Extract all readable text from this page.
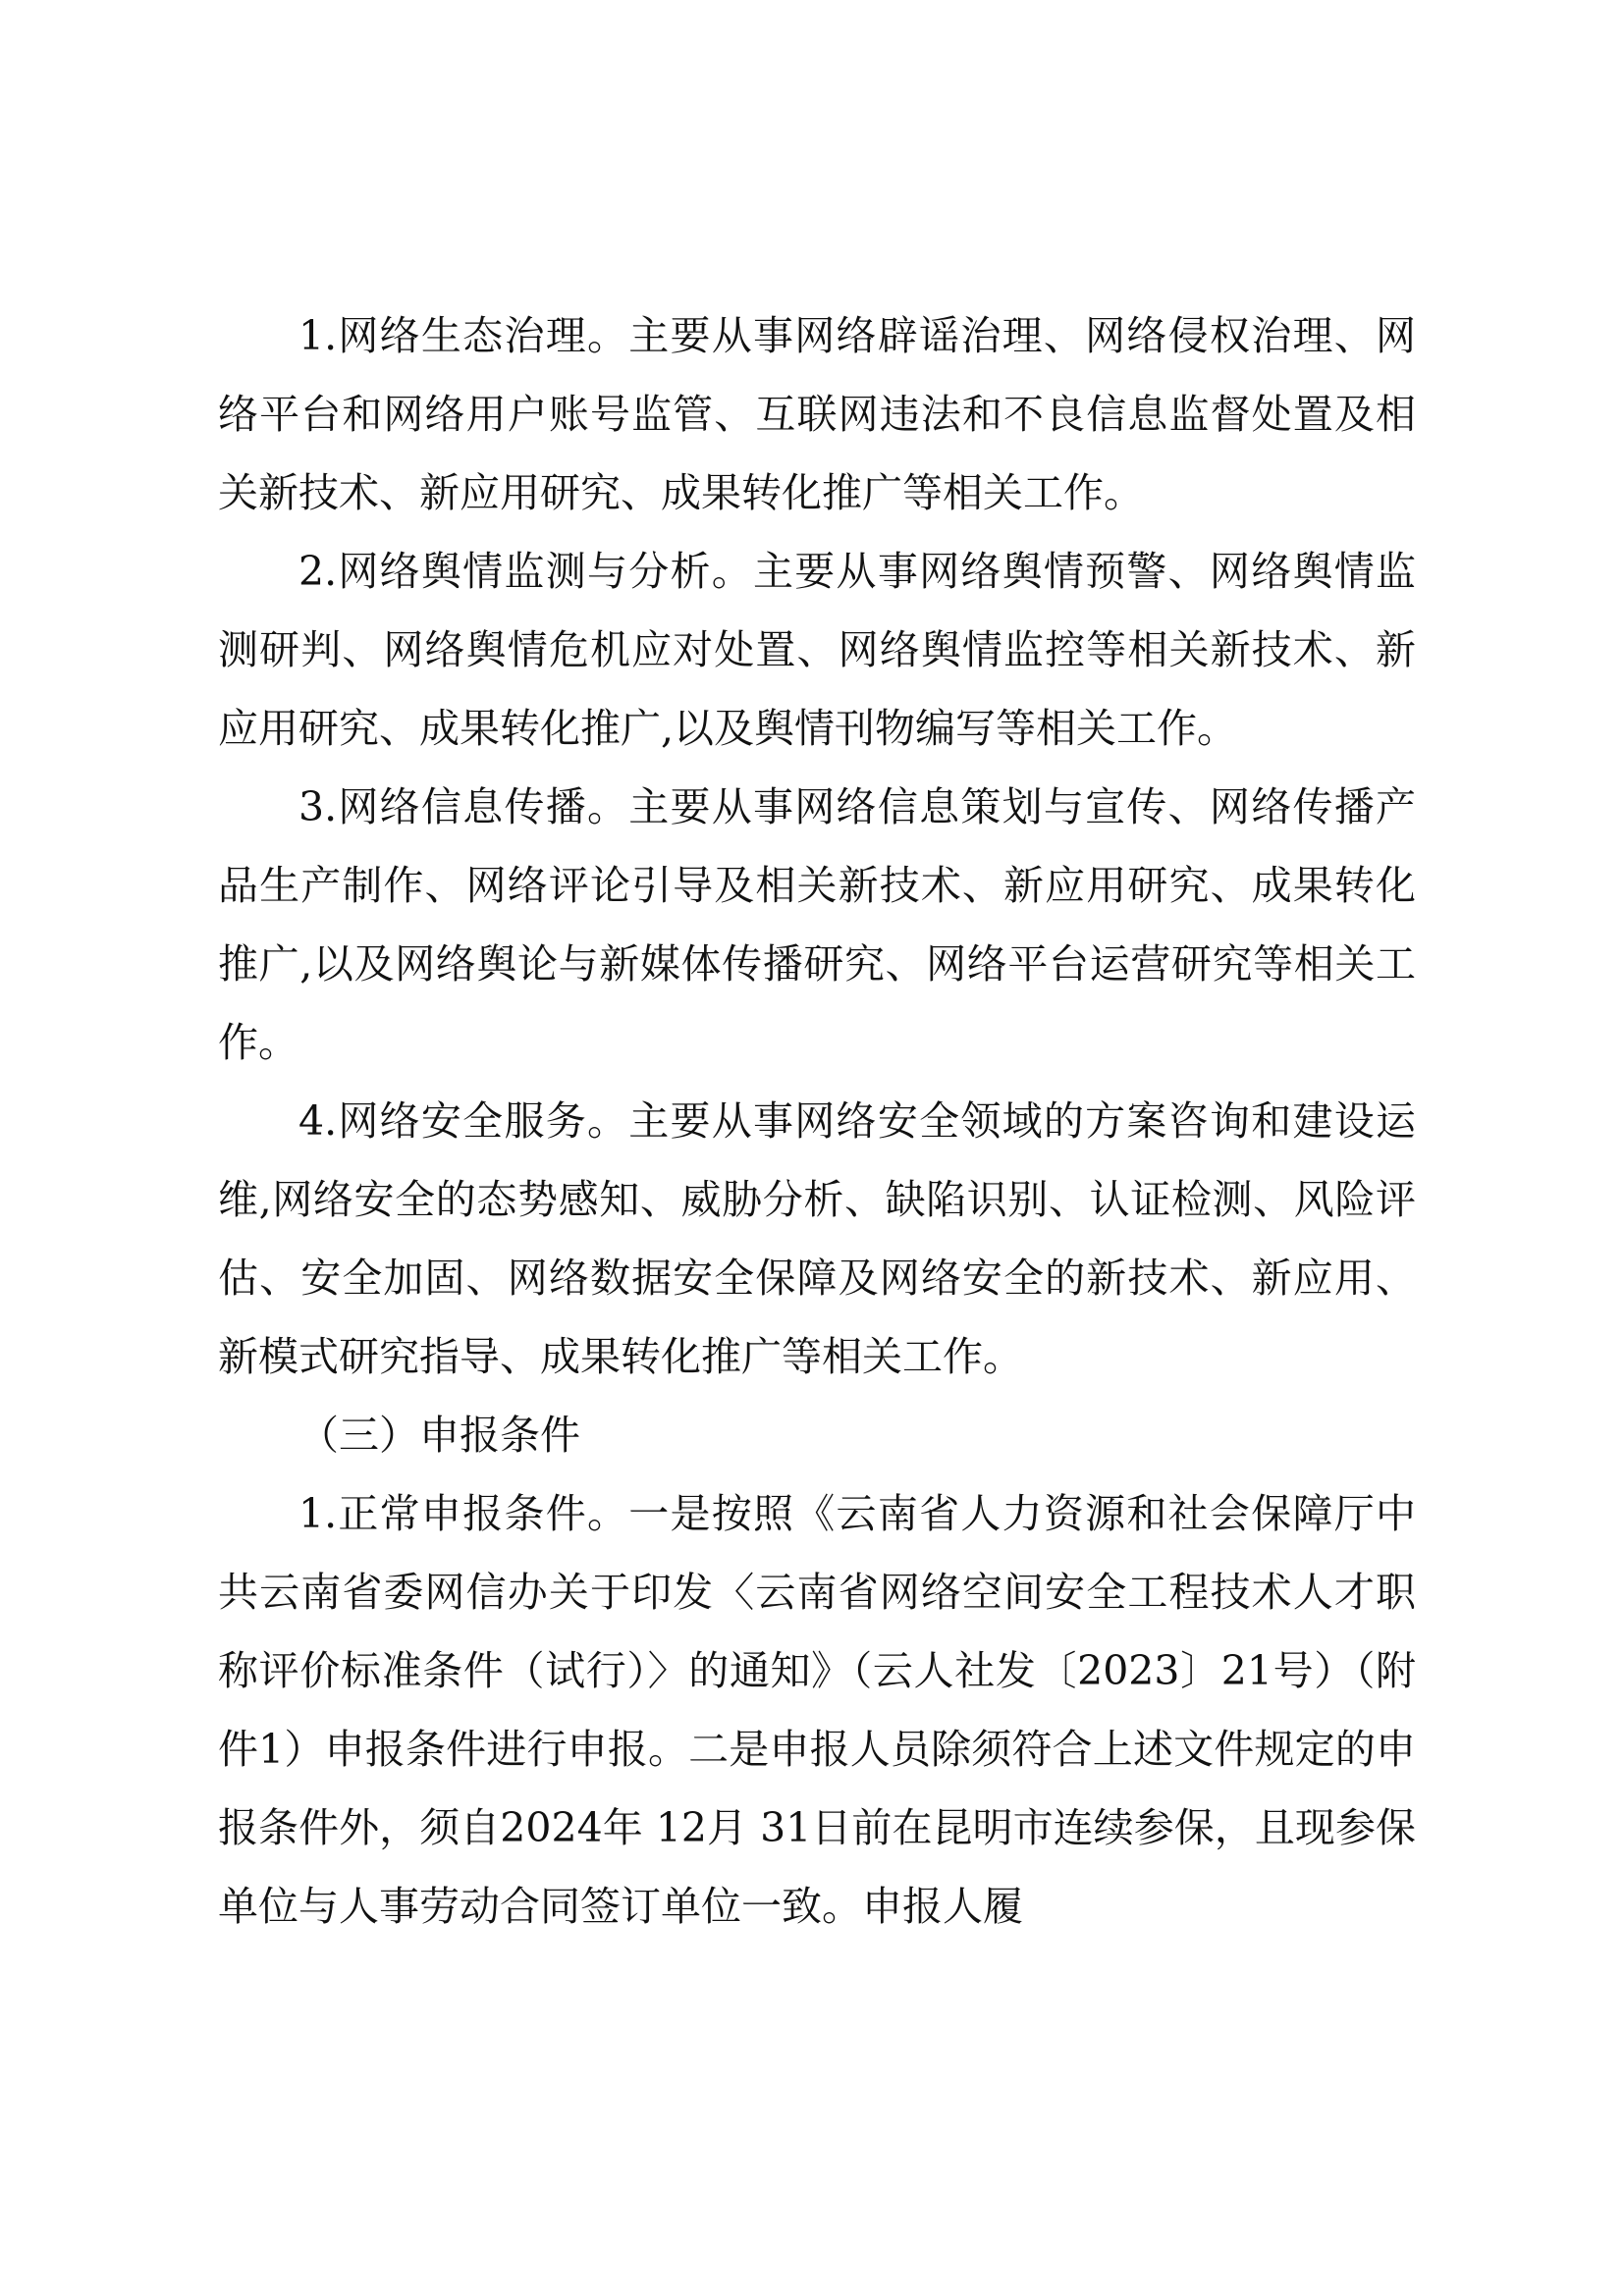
1.网络生态治理。主要从事网络辟谣治理、网络侵权治理、网络平台和网络用户账号监管、互联网违法和不良信息监督处置及相关新技术、新应用研究、成果转化推广等相关工作。

2.网络舆情监测与分析。主要从事网络舆情预警、网络舆情监测研判、网络舆情危机应对处置、网络舆情监控等相关新技术、新应用研究、成果转化推广,以及舆情刊物编写等相关工作。

3.网络信息传播。主要从事网络信息策划与宣传、网络传播产品生产制作、网络评论引导及相关新技术、新应用研究、成果转化推广,以及网络舆论与新媒体传播研究、网络平台运营研究等相关工作。

4.网络安全服务。主要从事网络安全领域的方案咨询和建设运维,网络安全的态势感知、威胁分析、缺陷识别、认证检测、风险评估、安全加固、网络数据安全保障及网络安全的新技术、新应用、新模式研究指导、成果转化推广等相关工作。

（三）申报条件

1.正常申报条件。一是按照《云南省人力资源和社会保障厅中共云南省委网信办关于印发〈云南省网络空间安全工程技术人才职称评价标准条件（试行）〉的通知》（云人社发〔2023〕21号）（附件1）申报条件进行申报。二是申报人员除须符合上述文件规定的申报条件外，须自2024年 12月 31日前在昆明市连续参保，且现参保单位与人事劳动合同签订单位一致。申报人履
